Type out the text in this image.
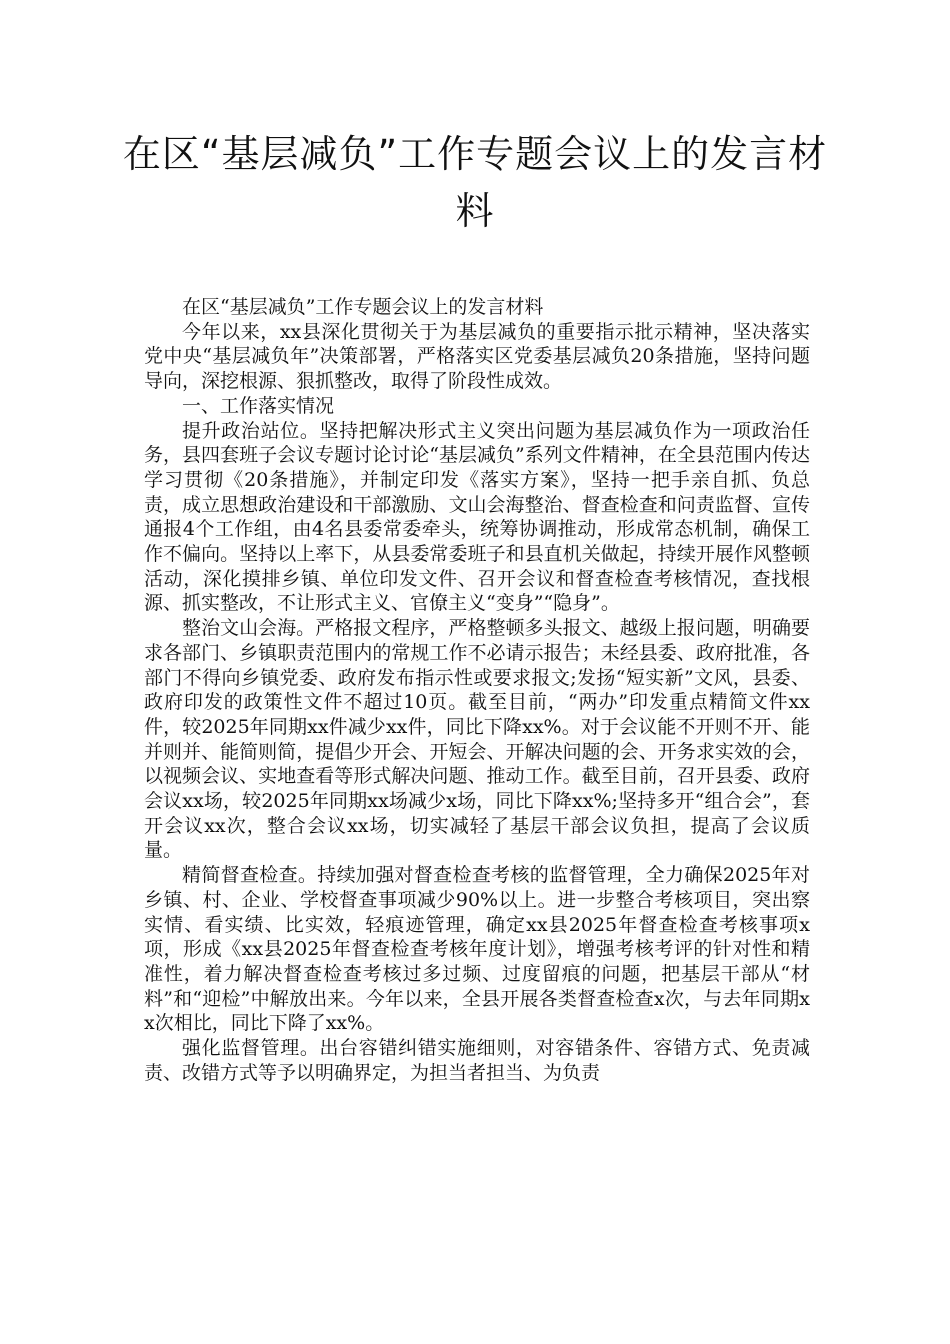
在区“基层减负”工作专题会议上的发言材料

在区“基层减负”工作专题会议上的发言材料

今年以来，xx县深化贯彻关于为基层减负的重要指示批示精神，坚决落实党中央“基层减负年”决策部署，严格落实区党委基层减负20条措施，坚持问题导向，深挖根源、狠抓整改，取得了阶段性成效。

一、工作落实情况

提升政治站位。坚持把解决形式主义突出问题为基层减负作为一项政治任务，县四套班子会议专题讨论讨论“基层减负”系列文件精神，在全县范围内传达学习贯彻《20条措施》，并制定印发《落实方案》，坚持一把手亲自抓、负总责，成立思想政治建设和干部激励、文山会海整治、督查检查和问责监督、宣传通报4个工作组，由4名县委常委牵头，统筹协调推动，形成常态机制，确保工作不偏向。坚持以上率下，从县委常委班子和县直机关做起，持续开展作风整顿活动，深化摸排乡镇、单位印发文件、召开会议和督查检查考核情况，查找根源、抓实整改，不让形式主义、官僚主义“变身”“隐身”。

整治文山会海。严格报文程序，严格整顿多头报文、越级上报问题，明确要求各部门、乡镇职责范围内的常规工作不必请示报告；未经县委、政府批准，各部门不得向乡镇党委、政府发布指示性或要求报文;发扬“短实新”文风，县委、政府印发的政策性文件不超过10页。截至目前，“两办”印发重点精简文件xx件，较2025年同期xx件减少xx件，同比下降xx%。对于会议能不开则不开、能并则并、能简则简，提倡少开会、开短会、开解决问题的会、开务求实效的会，以视频会议、实地查看等形式解决问题、推动工作。截至目前，召开县委、政府会议xx场，较2025年同期xx场减少x场，同比下降xx%;坚持多开“组合会”，套开会议xx次，整合会议xx场，切实减轻了基层干部会议负担，提高了会议质量。

精简督查检查。持续加强对督查检查考核的监督管理，全力确保2025年对乡镇、村、企业、学校督查事项减少90%以上。进一步整合考核项目，突出察实情、看实绩、比实效，轻痕迹管理，确定xx县2025年督查检查考核事项x项，形成《xx县2025年督查检查考核年度计划》，增强考核考评的针对性和精准性，着力解决督查检查考核过多过频、过度留痕的问题，把基层干部从“材料”和“迎检”中解放出来。今年以来，全县开展各类督查检查x次，与去年同期xx次相比，同比下降了xx%。

强化监督管理。出台容错纠错实施细则，对容错条件、容错方式、免责减责、改错方式等予以明确界定，为担当者担当、为负责
